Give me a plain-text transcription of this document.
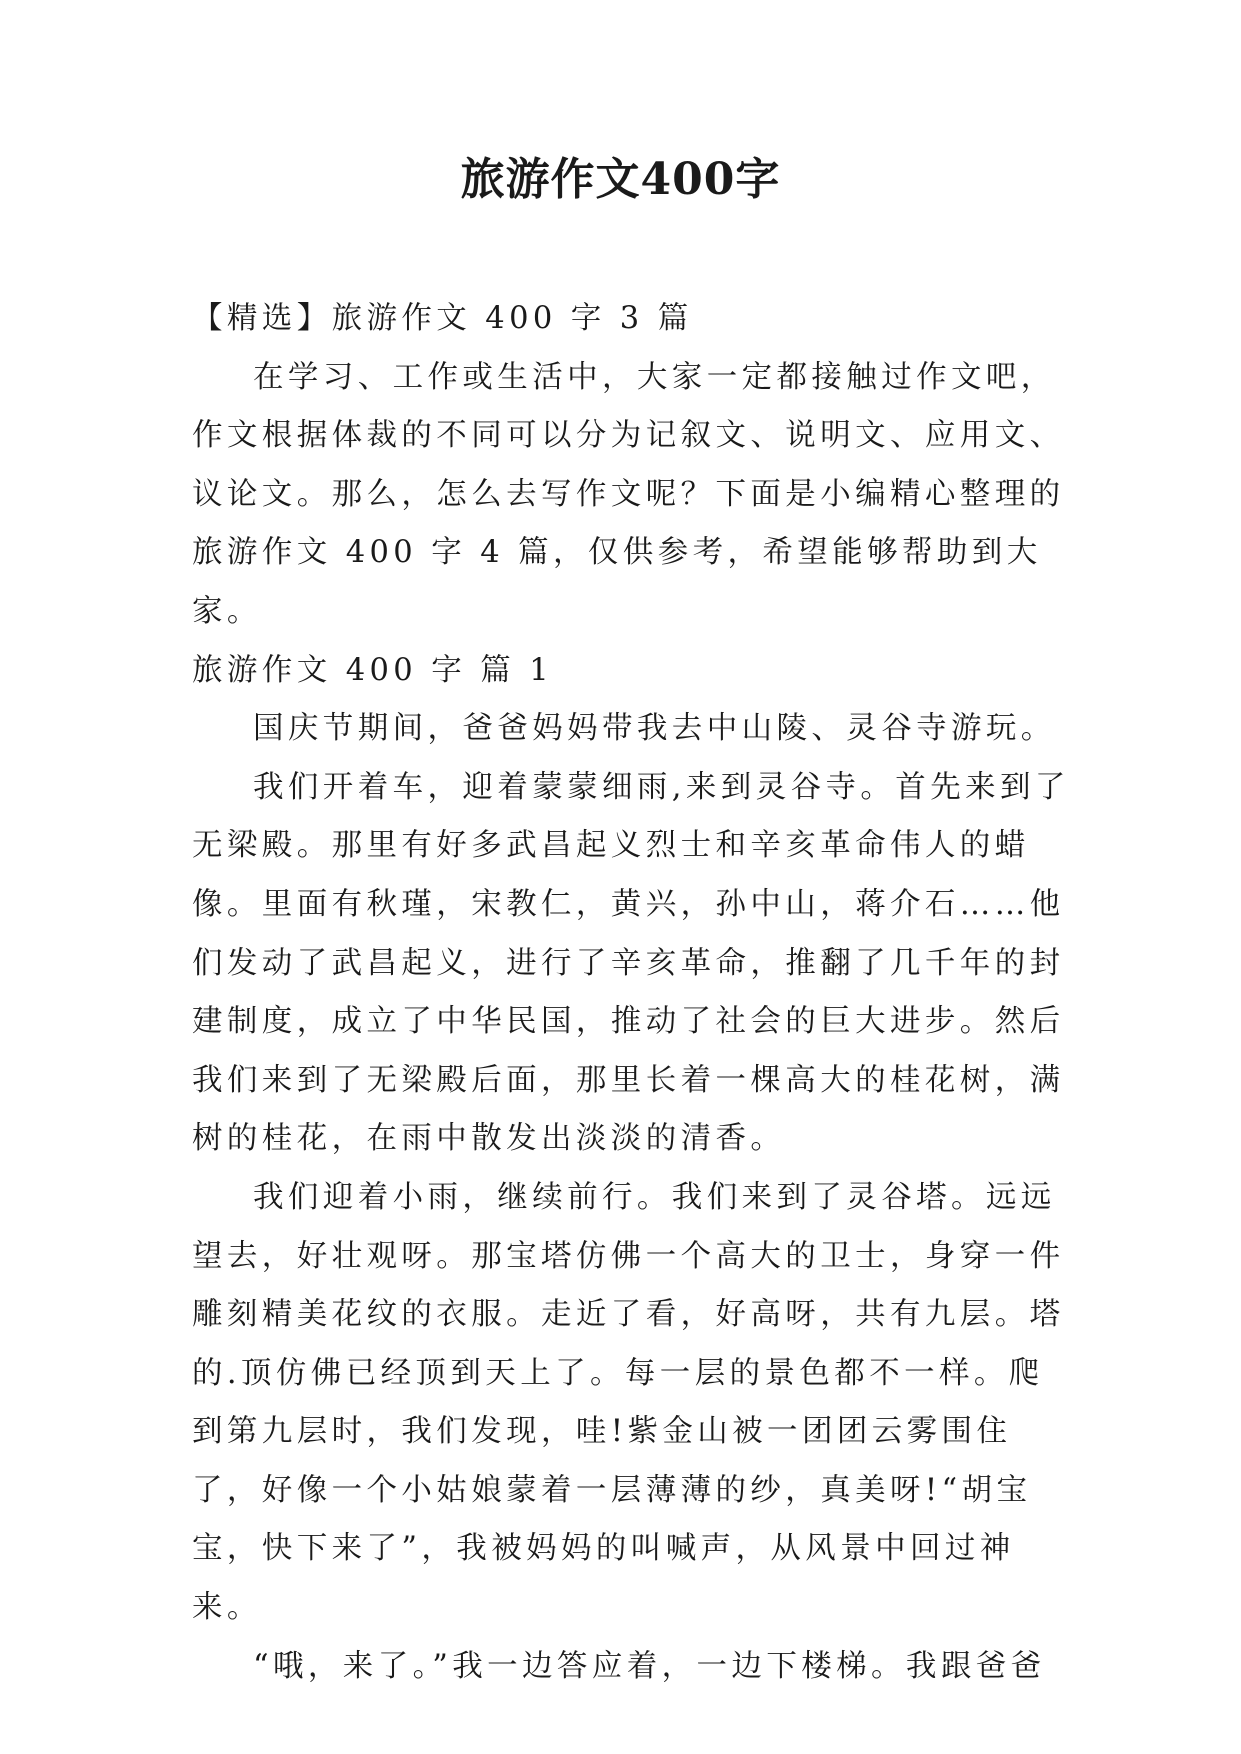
旅游作文400字

【精选】旅游作文 400 字 3 篇

在学习、工作或生活中，大家一定都接触过作文吧，作文根据体裁的不同可以分为记叙文、说明文、应用文、议论文。那么，怎么去写作文呢？下面是小编精心整理的旅游作文 400 字 4 篇，仅供参考，希望能够帮助到大家。

旅游作文 400 字 篇 1

国庆节期间，爸爸妈妈带我去中山陵、灵谷寺游玩。

我们开着车，迎着蒙蒙细雨,来到灵谷寺。首先来到了无梁殿。那里有好多武昌起义烈士和辛亥革命伟人的蜡像。里面有秋瑾，宋教仁，黄兴，孙中山，蒋介石……他们发动了武昌起义，进行了辛亥革命，推翻了几千年的封建制度，成立了中华民国，推动了社会的巨大进步。然后我们来到了无梁殿后面，那里长着一棵高大的桂花树，满树的桂花，在雨中散发出淡淡的清香。

我们迎着小雨，继续前行。我们来到了灵谷塔。远远望去，好壮观呀。那宝塔仿佛一个高大的卫士，身穿一件雕刻精美花纹的衣服。走近了看，好高呀，共有九层。塔的.顶仿佛已经顶到天上了。每一层的景色都不一样。爬到第九层时，我们发现，哇!紫金山被一团团云雾围住了，好像一个小姑娘蒙着一层薄薄的纱，真美呀!“胡宝宝，快下来了”，我被妈妈的叫喊声，从风景中回过神来。

“哦，来了。”我一边答应着，一边下楼梯。我跟爸爸
